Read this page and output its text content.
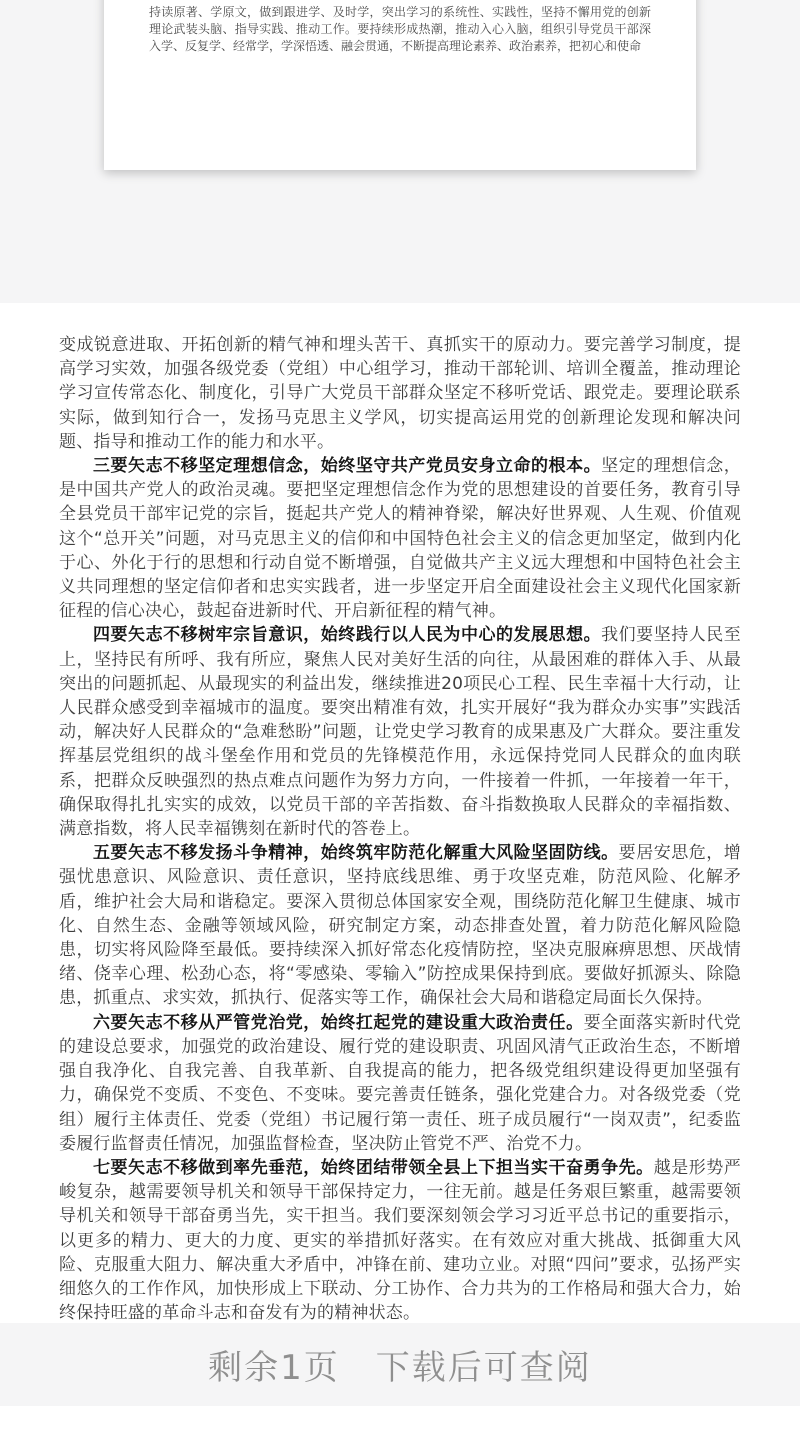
持读原著、学原文，做到跟进学、及时学，突出学习的系统性、实践性，坚持不懈用党的创新理论武装头脑、指导实践、推动工作。要持续形成热潮，推动入心入脑，组织引导党员干部深入学、反复学、经常学，学深悟透、融会贯通，不断提高理论素养、政治素养，把初心和使命

变成锐意进取、开拓创新的精气神和埋头苦干、真抓实干的原动力。要完善学习制度，提高学习实效，加强各级党委（党组）中心组学习，推动干部轮训、培训全覆盖，推动理论学习宣传常态化、制度化，引导广大党员干部群众坚定不移听党话、跟党走。要理论联系实际，做到知行合一，发扬马克思主义学风，切实提高运用党的创新理论发现和解决问题、指导和推动工作的能力和水平。

三要矢志不移坚定理想信念，始终坚守共产党员安身立命的根本。坚定的理想信念，是中国共产党人的政治灵魂。要把坚定理想信念作为党的思想建设的首要任务，教育引导全县党员干部牢记党的宗旨，挺起共产党人的精神脊梁，解决好世界观、人生观、价值观这个“总开关”问题，对马克思主义的信仰和中国特色社会主义的信念更加坚定，做到内化于心、外化于行的思想和行动自觉不断增强，自觉做共产主义远大理想和中国特色社会主义共同理想的坚定信仰者和忠实实践者，进一步坚定开启全面建设社会主义现代化国家新征程的信心决心，鼓起奋进新时代、开启新征程的精气神。

四要矢志不移树牢宗旨意识，始终践行以人民为中心的发展思想。我们要坚持人民至上，坚持民有所呼、我有所应，聚焦人民对美好生活的向往，从最困难的群体入手、从最突出的问题抓起、从最现实的利益出发，继续推进20项民心工程、民生幸福十大行动，让人民群众感受到幸福城市的温度。要突出精准有效，扎实开展好“我为群众办实事”实践活动，解决好人民群众的“急难愁盼”问题，让党史学习教育的成果惠及广大群众。要注重发挥基层党组织的战斗堡垒作用和党员的先锋模范作用，永远保持党同人民群众的血肉联系，把群众反映强烈的热点难点问题作为努力方向，一件接着一件抓，一年接着一年干，确保取得扎扎实实的成效，以党员干部的辛苦指数、奋斗指数换取人民群众的幸福指数、满意指数，将人民幸福镌刻在新时代的答卷上。

五要矢志不移发扬斗争精神，始终筑牢防范化解重大风险坚固防线。要居安思危，增强忧患意识、风险意识、责任意识，坚持底线思维、勇于攻坚克难，防范风险、化解矛盾，维护社会大局和谐稳定。要深入贯彻总体国家安全观，围绕防范化解卫生健康、城市化、自然生态、金融等领域风险，研究制定方案，动态排查处置，着力防范化解风险隐患，切实将风险降至最低。要持续深入抓好常态化疫情防控，坚决克服麻痹思想、厌战情绪、侥幸心理、松劲心态，将“零感染、零输入”防控成果保持到底。要做好抓源头、除隐患，抓重点、求实效，抓执行、促落实等工作，确保社会大局和谐稳定局面长久保持。

六要矢志不移从严管党治党，始终扛起党的建设重大政治责任。要全面落实新时代党的建设总要求，加强党的政治建设、履行党的建设职责、巩固风清气正政治生态，不断增强自我净化、自我完善、自我革新、自我提高的能力，把各级党组织建设得更加坚强有力，确保党不变质、不变色、不变味。要完善责任链条，强化党建合力。对各级党委（党组）履行主体责任、党委（党组）书记履行第一责任、班子成员履行“一岗双责”，纪委监委履行监督责任情况，加强监督检查，坚决防止管党不严、治党不力。

七要矢志不移做到率先垂范，始终团结带领全县上下担当实干奋勇争先。越是形势严峻复杂，越需要领导机关和领导干部保持定力，一往无前。越是任务艰巨繁重，越需要领导机关和领导干部奋勇当先，实干担当。我们要深刻领会学习习近平总书记的重要指示，以更多的精力、更大的力度、更实的举措抓好落实。在有效应对重大挑战、抵御重大风险、克服重大阻力、解决重大矛盾中，冲锋在前、建功立业。对照“四问”要求，弘扬严实细悠久的工作作风，加快形成上下联动、分工协作、合力共为的工作格局和强大合力，始终保持旺盛的革命斗志和奋发有为的精神状态。

剩余1页　下载后可查阅
